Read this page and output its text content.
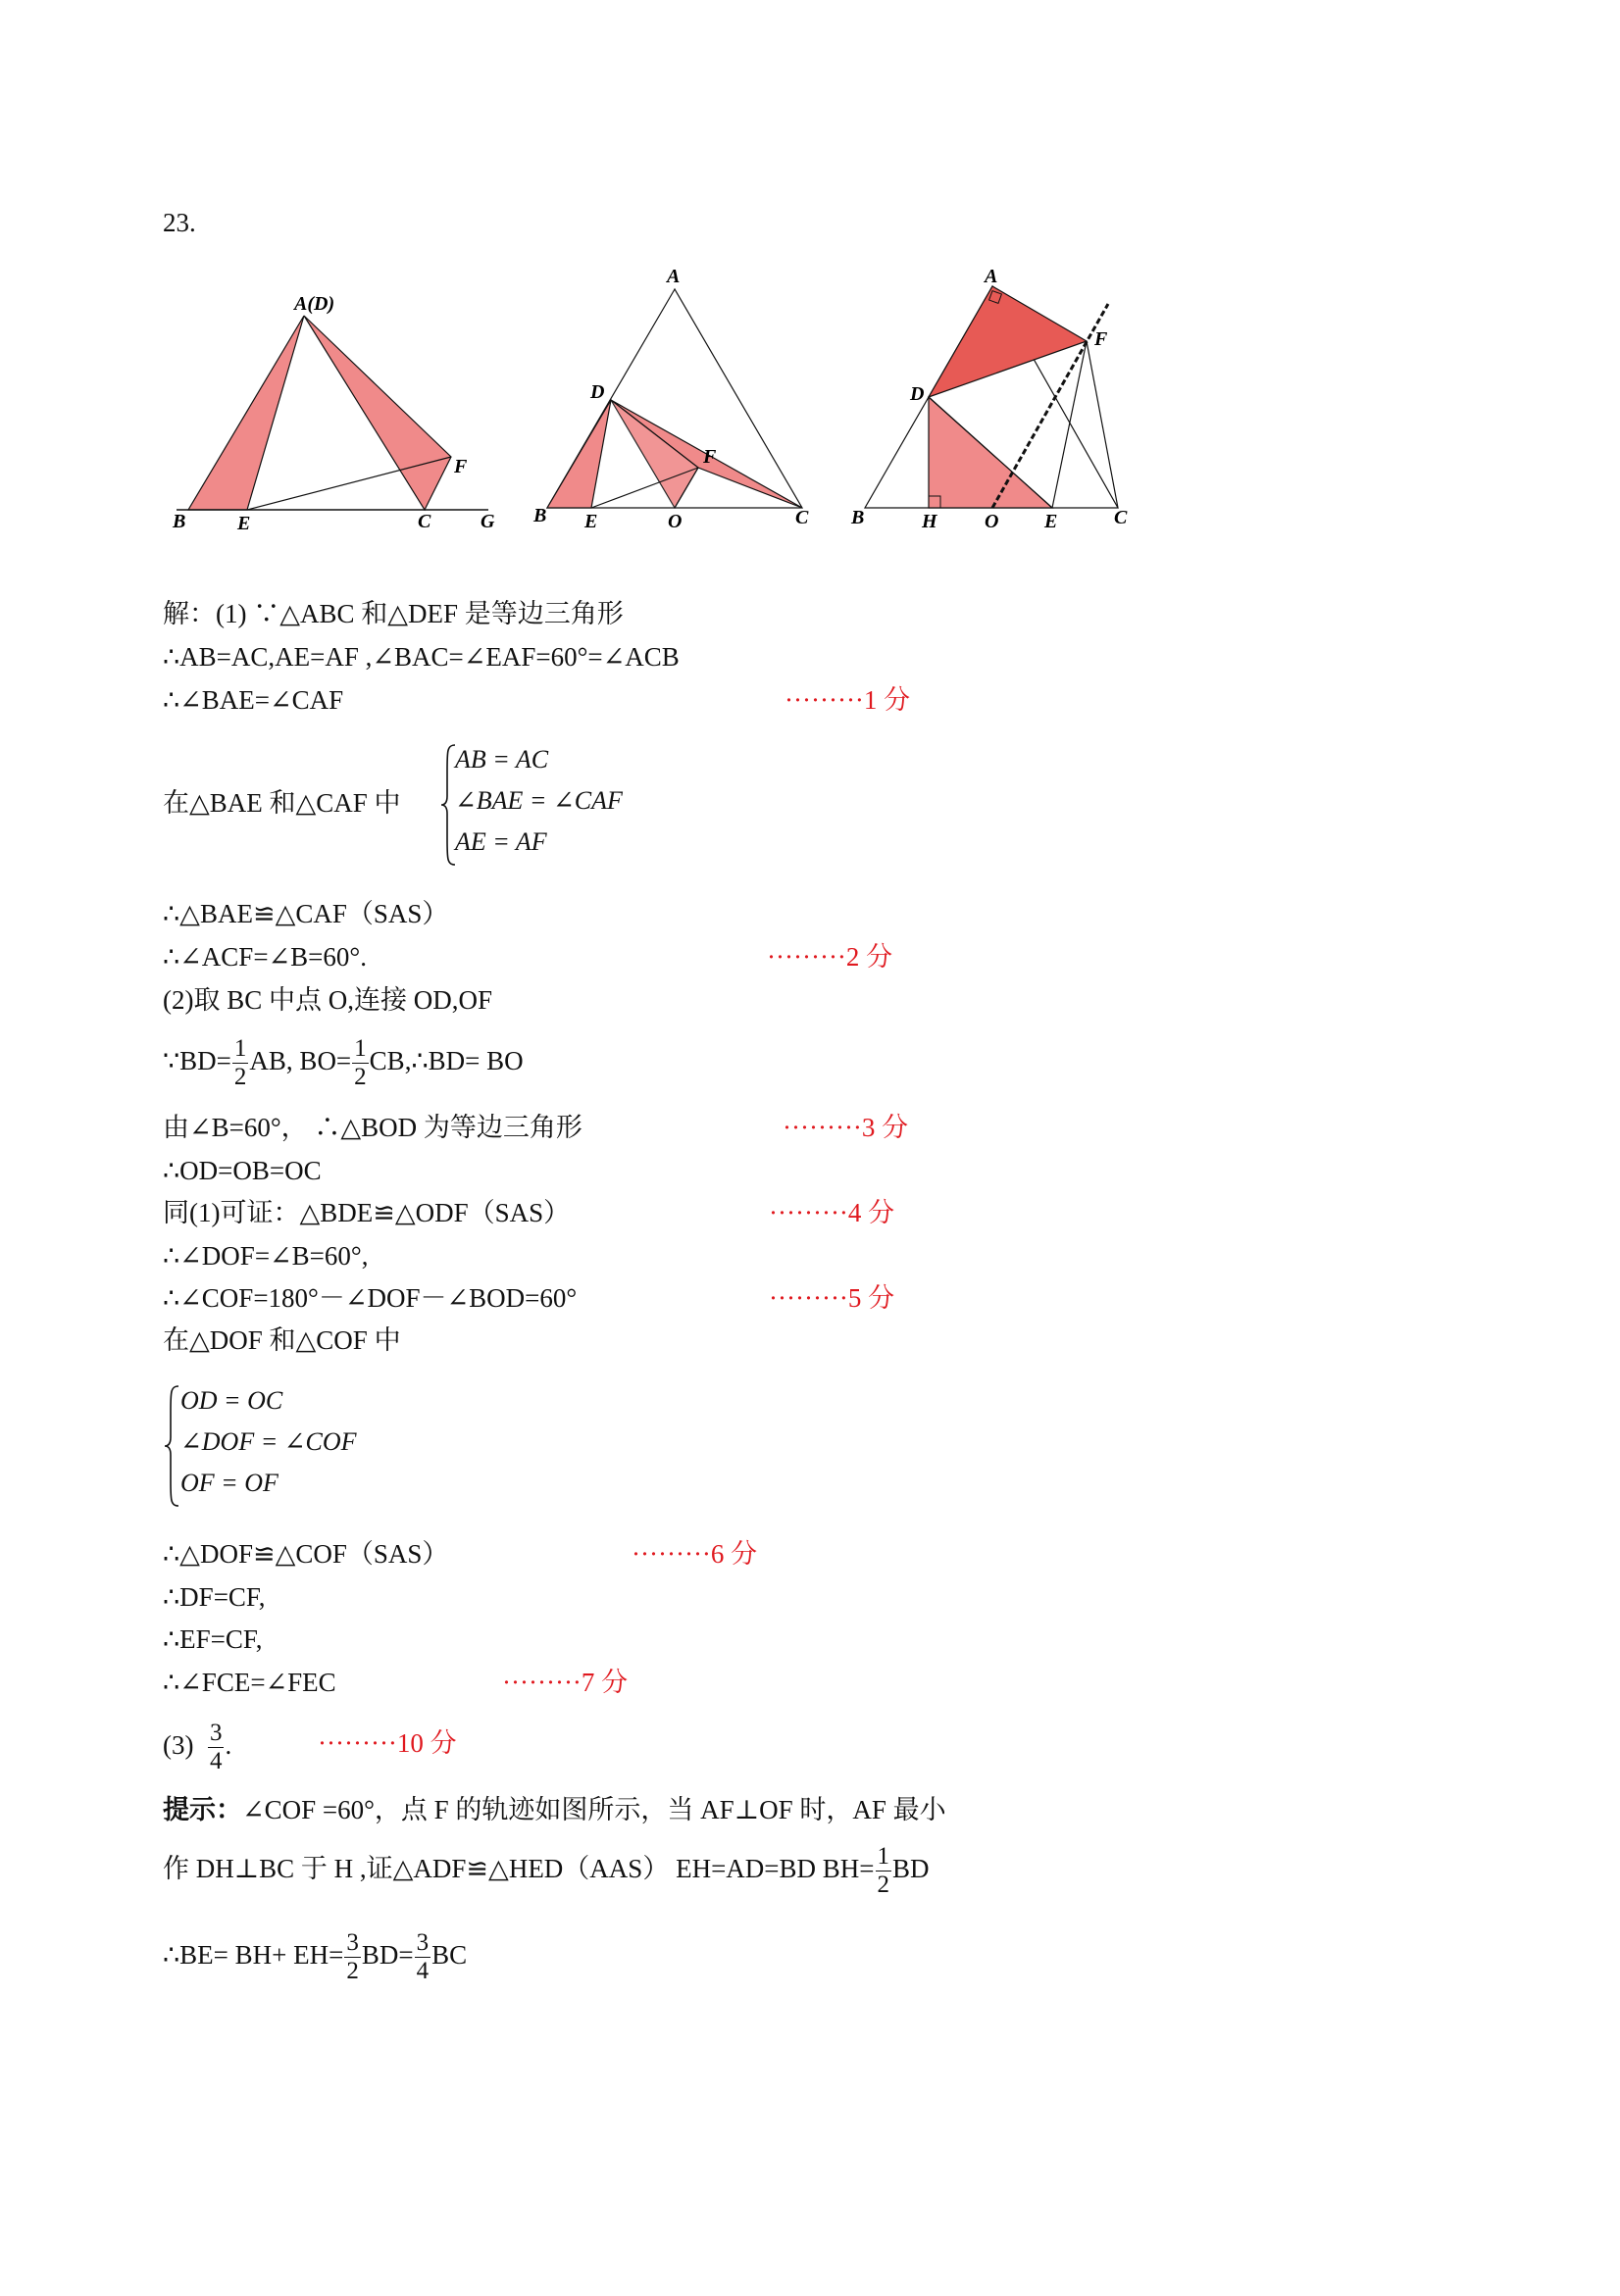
23.
A(D)
B	E	C	G
F
A
D
F
B E	O	C
A
F
D
B	H O E	C
解：(1) ∵△ABC 和△DEF 是等边三角形
∴AB=AC,AE=AF ,∠BAC=∠EAF=60°=∠ACB
∴∠BAE=∠CAF	·········1 分
在△BAE 和△CAF 中
AB = AC
∠BAE = ∠CAF
AE = AF
∴△BAE≌△CAF（SAS）
∴∠ACF=∠B=60°.	·········2 分
(2)取 BC 中点 O,连接 OD,OF
∵BD= $\frac{1}{2}$ AB, $BO= \frac{1}{2}$ CB,∴BD= BO
由∠B=60°， ∴△BOD 为等边三角形	·········3 分
∴OD=OB=OC
同(1)可证：△BDE≌△ODF（SAS）	·········4 分
∴∠DOF=∠B=60°,
∴∠COF=180°－∠DOF－∠BOD=60°	·········5 分
在△DOF 和△COF 中
OD = OC
∠DOF = ∠COF
OF = OF
∴△DOF≌△COF（SAS）	·········6 分
∴DF=CF,
∴EF=CF,
∴∠FCE=∠FEC	·········7 分
$(3) \frac{3}{4}$ .	·········10 分
提示：∠COF =60°，点 F 的轨迹如图所示，当 AF⊥OF 时，AF 最小
作 DH⊥BC 于 H ,证△ADF≌△HED（AAS） EH=AD=BD $BH= \frac{1}{2}$ BD
∴BE= $BH+ EH= \frac{3}{2} BD= \frac{3}{4}$ BC
